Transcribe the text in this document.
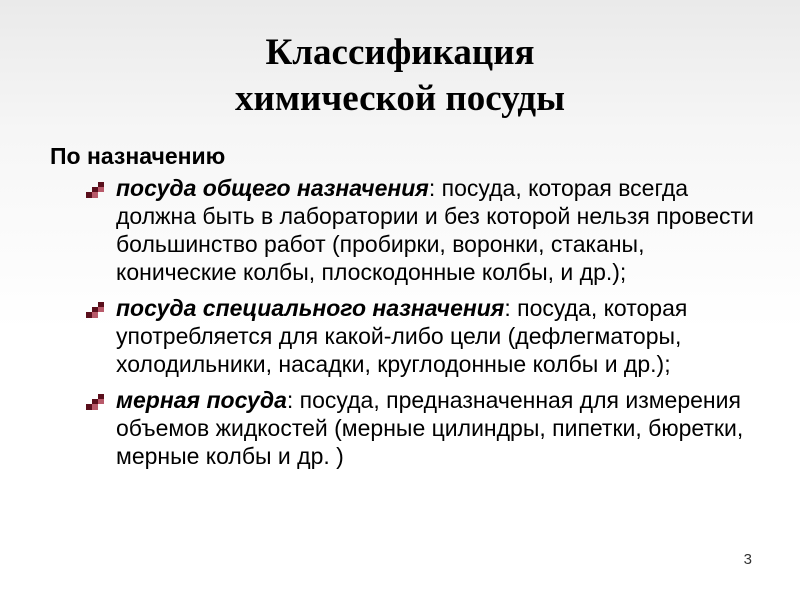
Классификация
химической посуды

По назначению

посуда общего назначения: посуда, которая всегда должна быть в лаборатории и без которой нельзя провести большинство работ (пробирки, воронки, стаканы, конические колбы, плоскодонные колбы, и др.);
посуда специального назначения: посуда, которая употребляется для какой-либо цели (дефлегматоры, холодильники, насадки, круглодонные колбы и др.);
мерная посуда: посуда, предназначенная для измерения объемов жидкостей (мерные цилиндры, пипетки, бюретки, мерные колбы и др. )
3
